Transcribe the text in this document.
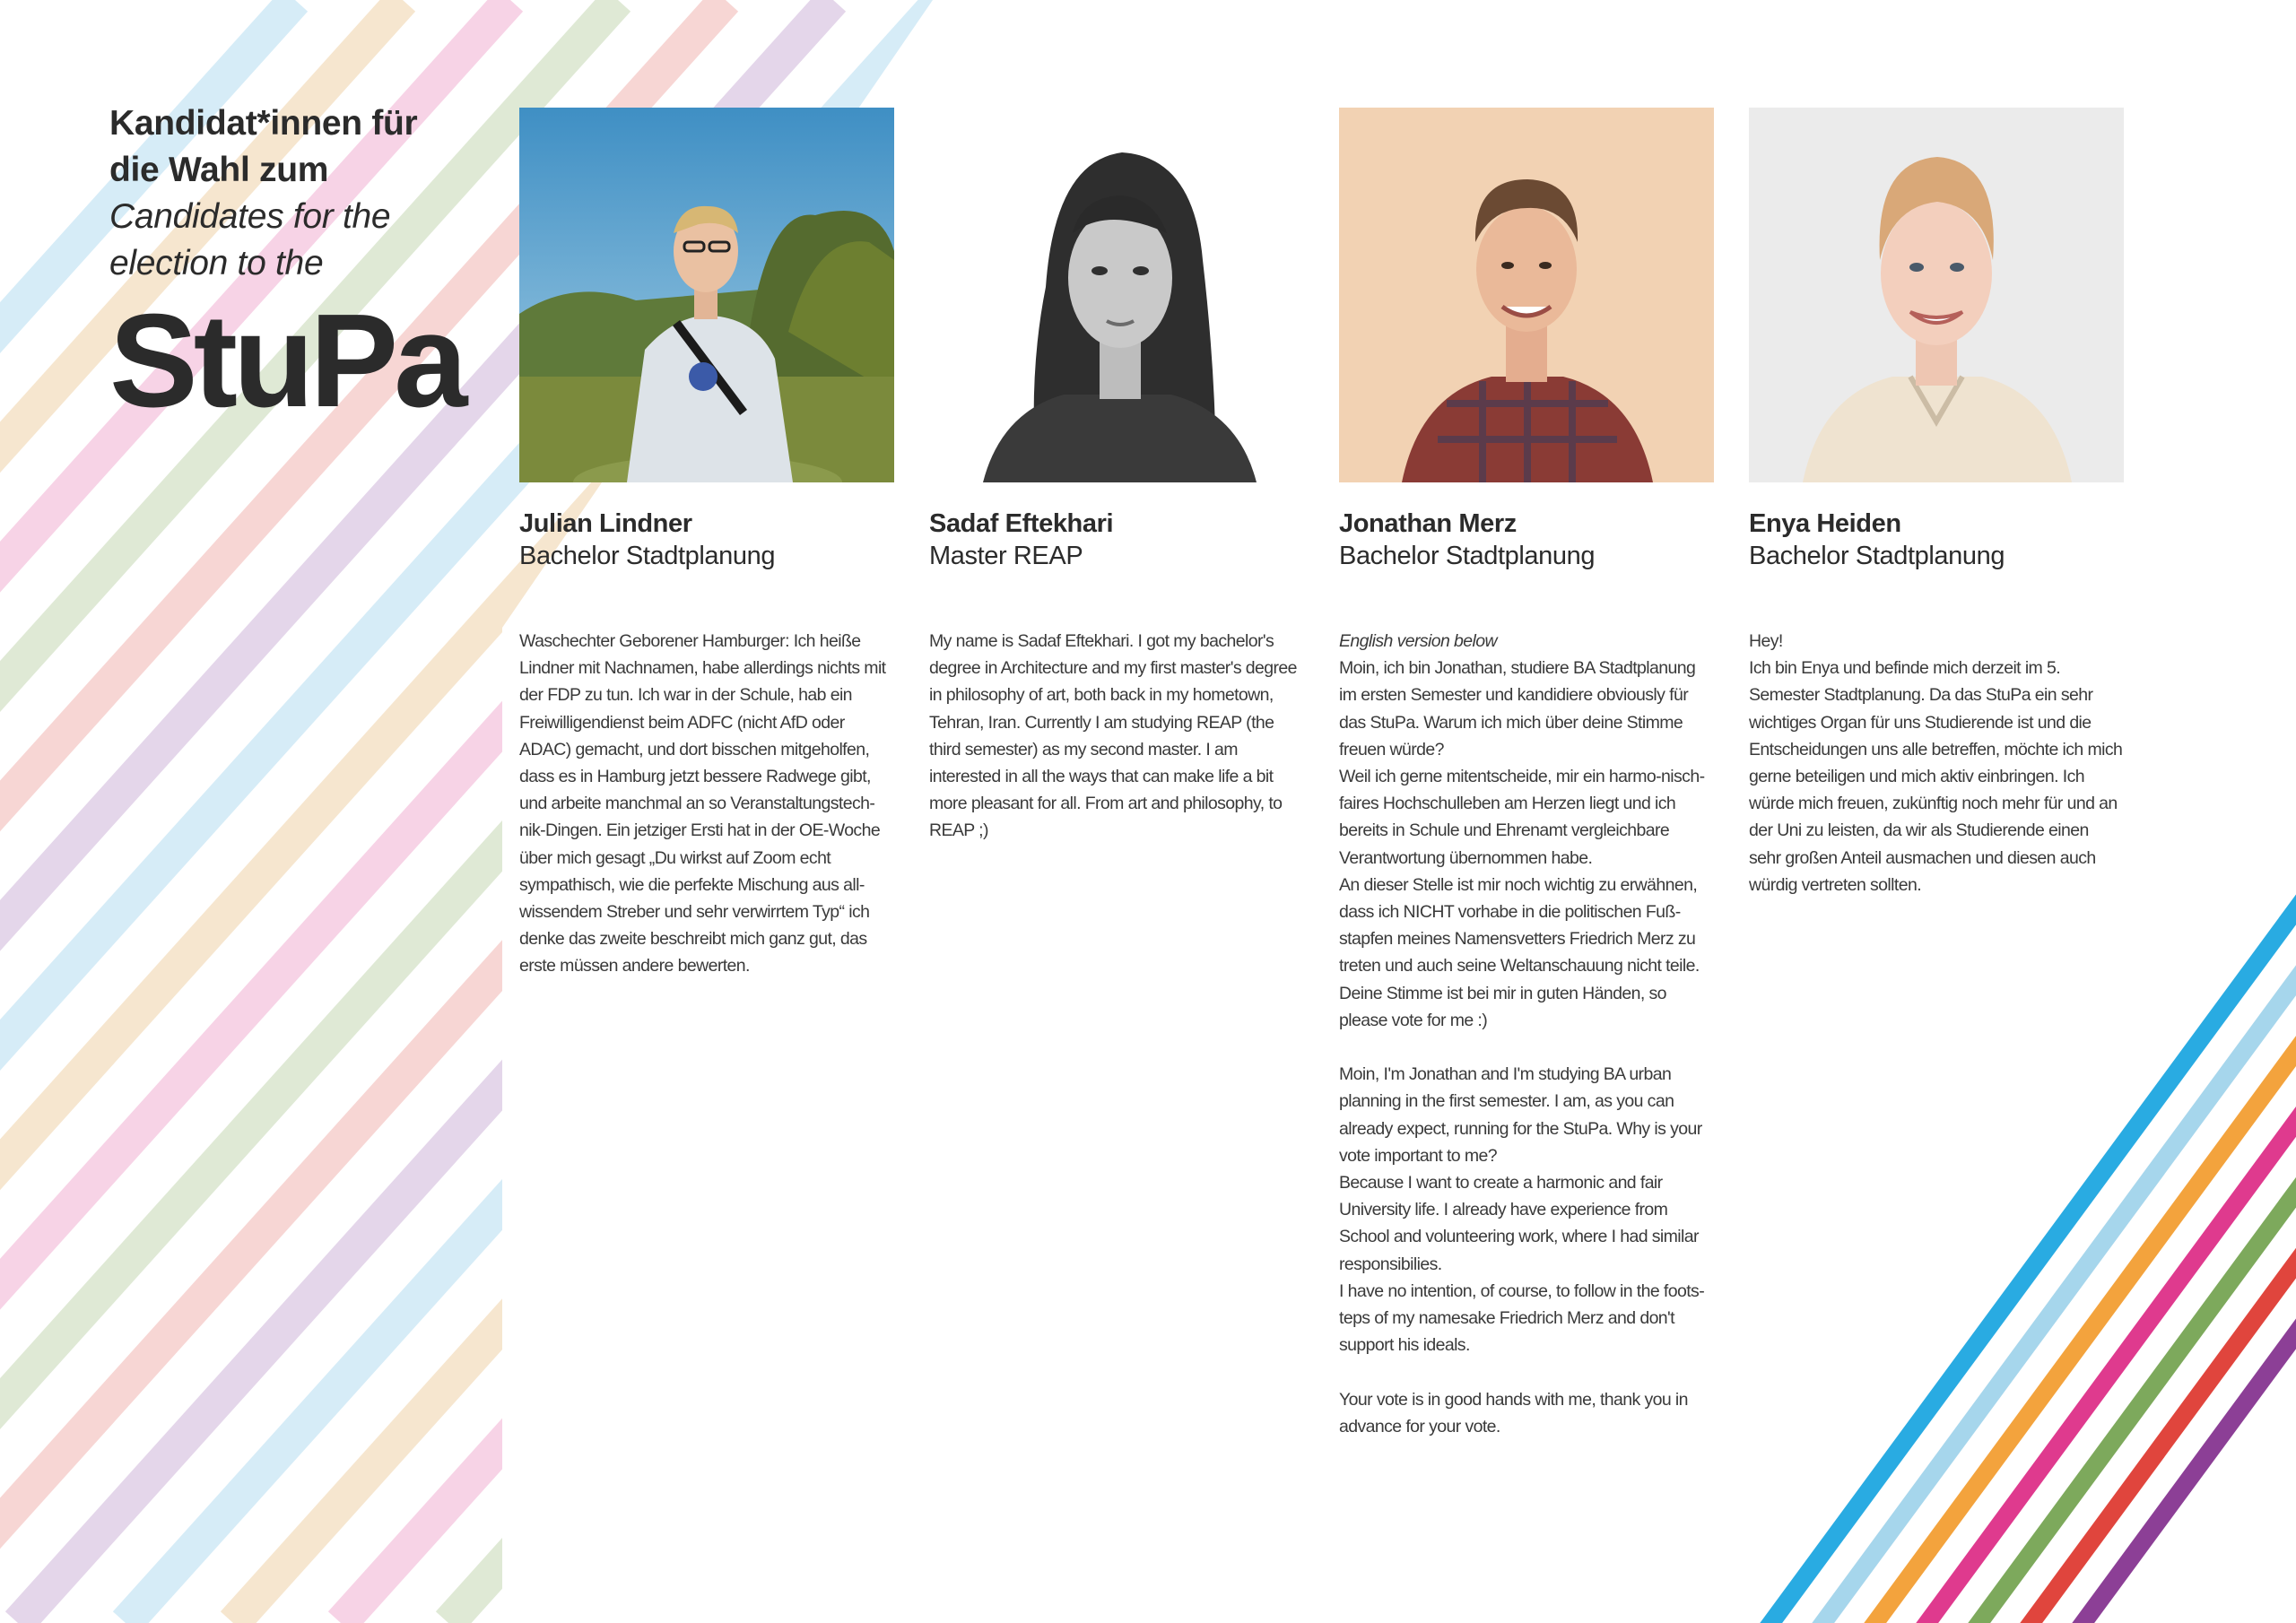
Kandidat*innen für
die Wahl zum
Candidates for the
election to the
StuPa
Julian Lindner
Bachelor Stadtplanung

Waschechter Geborener Hamburger: Ich heiße Lindner mit Nachnamen, habe allerdings nichts mit der FDP zu tun. Ich war in der Schule, hab ein Freiwilligendienst beim ADFC (nicht AfD oder ADAC) gemacht, und dort bisschen mitgeholfen, dass es in Hamburg jetzt bessere Radwege gibt, und arbeite manchmal an so Veranstaltungstech-nik-Dingen. Ein jetziger Ersti hat in der OE-Woche über mich gesagt „Du wirkst auf Zoom echt sympathisch, wie die perfekte Mischung aus all-wissendem Streber und sehr verwirrtem Typ“ ich denke das zweite beschreibt mich ganz gut, das erste müssen andere bewerten.

Sadaf Eftekhari
Master REAP

My name is Sadaf Eftekhari. I got my bachelor's degree in Architecture and my first master's degree in philosophy of art, both back in my hometown, Tehran, Iran. Currently I am studying REAP (the third semester) as my second master. I am interested in all the ways that can make life a bit more pleasant for all. From art and philosophy, to REAP ;)

Jonathan Merz
Bachelor Stadtplanung

English version below

Moin, ich bin Jonathan, studiere BA Stadtplanung im ersten Semester und kandidiere obviously für das StuPa. Warum ich mich über deine Stimme freuen würde?

Weil ich gerne mitentscheide, mir ein harmo-nisch-faires Hochschulleben am Herzen liegt und ich bereits in Schule und Ehrenamt vergleichbare Verantwortung übernommen habe.

An dieser Stelle ist mir noch wichtig zu erwähnen, dass ich NICHT vorhabe in die politischen Fuß-stapfen meines Namensvetters Friedrich Merz zu treten und auch seine Weltanschauung nicht teile.

Deine Stimme ist bei mir in guten Händen, so please vote for me :)

Moin, I'm Jonathan and I'm studying BA urban planning in the first semester. I am, as you can already expect, running for the StuPa. Why is your vote important to me?

Because I want to create a harmonic and fair University life. I already have experience from School and volunteering work, where I had similar responsibilies.

I have no intention, of course, to follow in the foots-teps of my namesake Friedrich Merz and don't support his ideals.

Your vote is in good hands with me, thank you in advance for your vote.

Enya Heiden
Bachelor Stadtplanung

Hey!

Ich bin Enya und befinde mich derzeit im 5. Semester Stadtplanung. Da das StuPa ein sehr wichtiges Organ für uns Studierende ist und die Entscheidungen uns alle betreffen, möchte ich mich gerne beteiligen und mich aktiv einbringen. Ich würde mich freuen, zukünftig noch mehr für und an der Uni zu leisten, da wir als Studierende einen sehr großen Anteil ausmachen und diesen auch würdig vertreten sollten.
